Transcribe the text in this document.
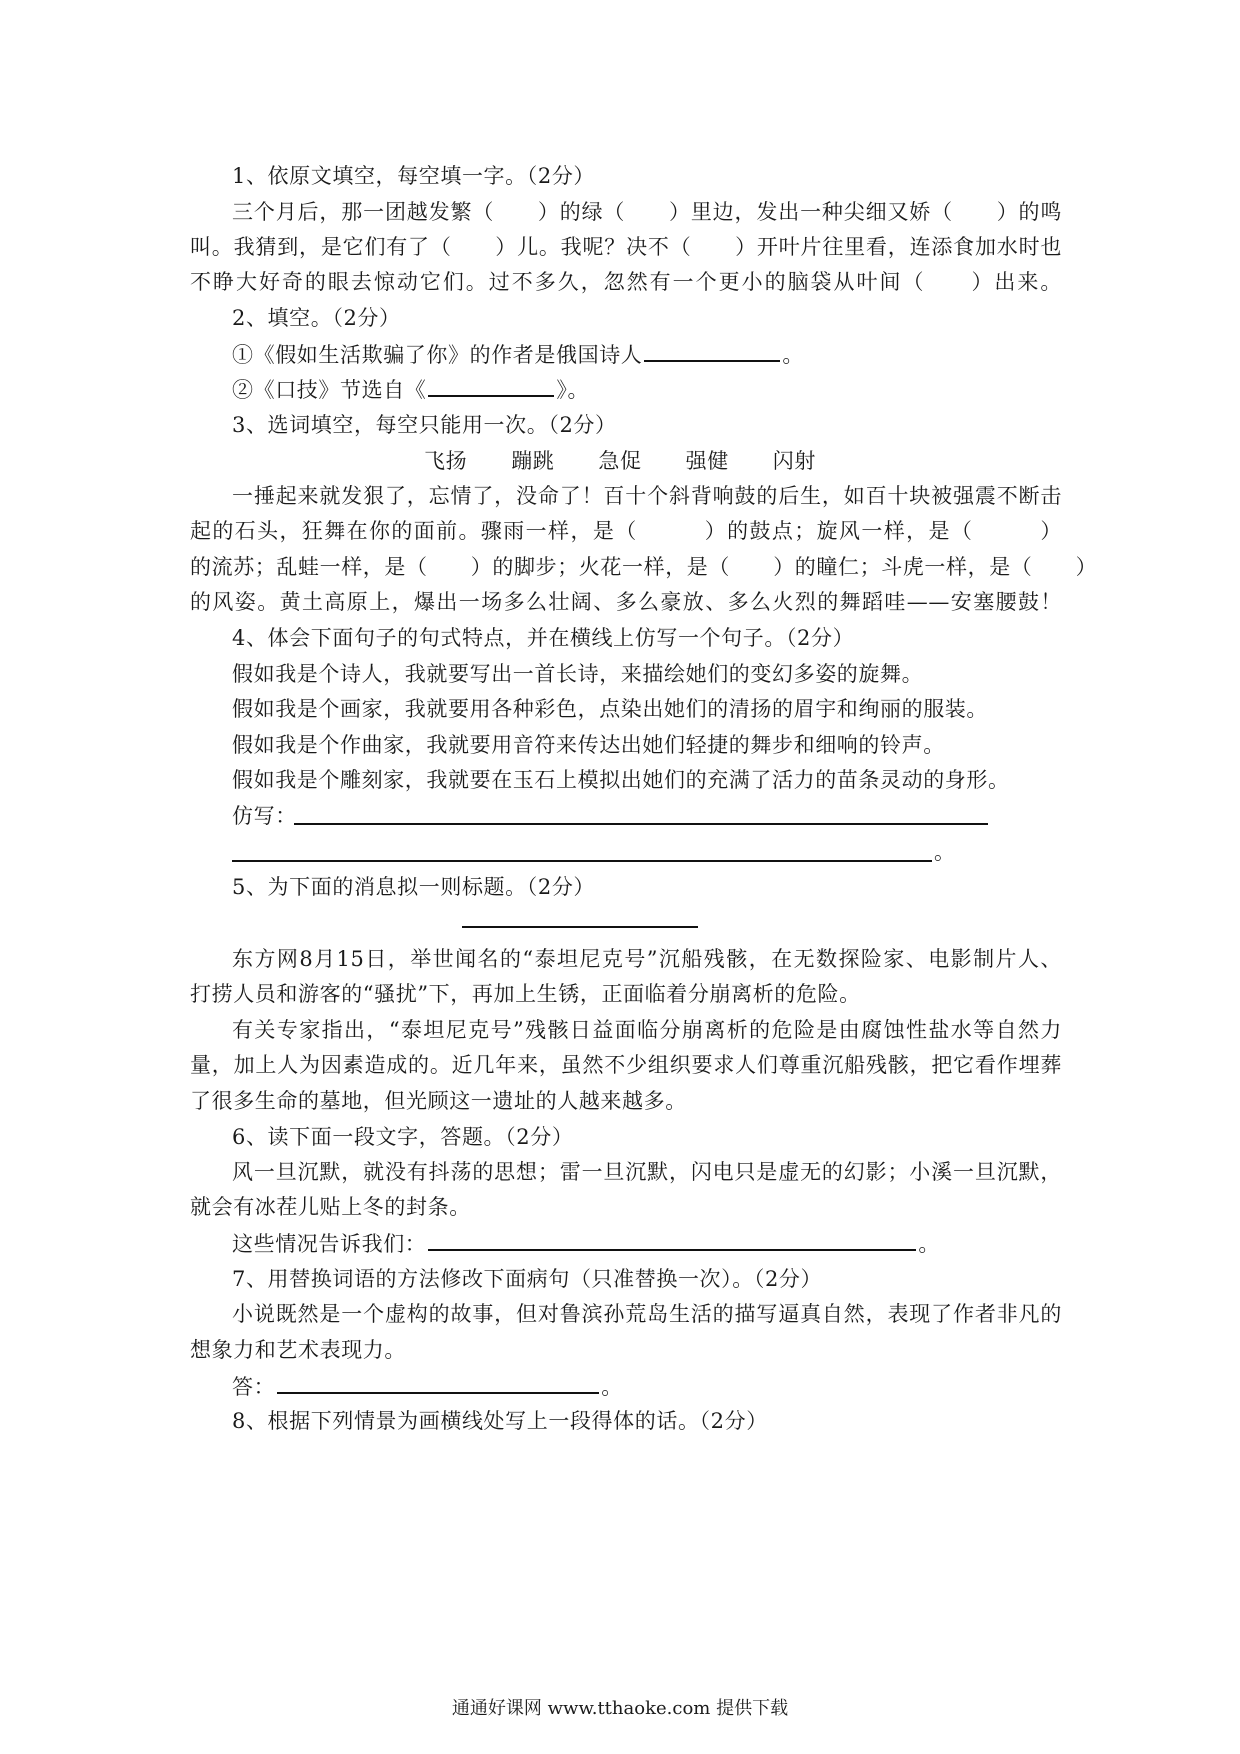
1、依原文填空，每空填一字。（2分）
三个月后，那一团越发繁（　　）的绿（　　）里边，发出一种尖细又娇（　　）的鸣
叫。我猜到，是它们有了（　　）儿。我呢？决不（　　）开叶片往里看，连添食加水时也
不睁大好奇的眼去惊动它们。过不多久，忽然有一个更小的脑袋从叶间（　　）出来。
2、填空。（2分）
①《假如生活欺骗了你》的作者是俄国诗人	。
②《口技》节选自《	》。
3、选词填空，每空只能用一次。（2分）
飞扬 蹦跳 急促 强健 闪射
一捶起来就发狠了，忘情了，没命了！百十个斜背响鼓的后生，如百十块被强震不断击
起的石头，狂舞在你的面前。骤雨一样，是（　　　）的鼓点；旋风一样，是（　　　）
的流苏；乱蛙一样，是（　　）的脚步；火花一样，是（　　）的瞳仁；斗虎一样，是（　　）
的风姿。黄土高原上，爆出一场多么壮阔、多么豪放、多么火烈的舞蹈哇——安塞腰鼓！
4、体会下面句子的句式特点，并在横线上仿写一个句子。（2分）
假如我是个诗人，我就要写出一首长诗，来描绘她们的变幻多姿的旋舞。
假如我是个画家，我就要用各种彩色，点染出她们的清扬的眉宇和绚丽的服装。
假如我是个作曲家，我就要用音符来传达出她们轻捷的舞步和细响的铃声。
假如我是个雕刻家，我就要在玉石上模拟出她们的充满了活力的苗条灵动的身形。
仿写：
。
5、为下面的消息拟一则标题。（2分）
东方网8月15日，举世闻名的“泰坦尼克号”沉船残骸，在无数探险家、电影制片人、
打捞人员和游客的“骚扰”下，再加上生锈，正面临着分崩离析的危险。
有关专家指出，“泰坦尼克号”残骸日益面临分崩离析的危险是由腐蚀性盐水等自然力
量，加上人为因素造成的。近几年来，虽然不少组织要求人们尊重沉船残骸，把它看作埋葬
了很多生命的墓地，但光顾这一遗址的人越来越多。
6、读下面一段文字，答题。（2分）
风一旦沉默，就没有抖荡的思想；雷一旦沉默，闪电只是虚无的幻影；小溪一旦沉默，
就会有冰茬儿贴上冬的封条。
这些情况告诉我们：	。
7、用替换词语的方法修改下面病句（只准替换一次）。（2分）
小说既然是一个虚构的故事，但对鲁滨孙荒岛生活的描写逼真自然，表现了作者非凡的
想象力和艺术表现力。
答：	。
8、根据下列情景为画横线处写上一段得体的话。（2分）
通通好课网 www.tthaoke.com 提供下载
